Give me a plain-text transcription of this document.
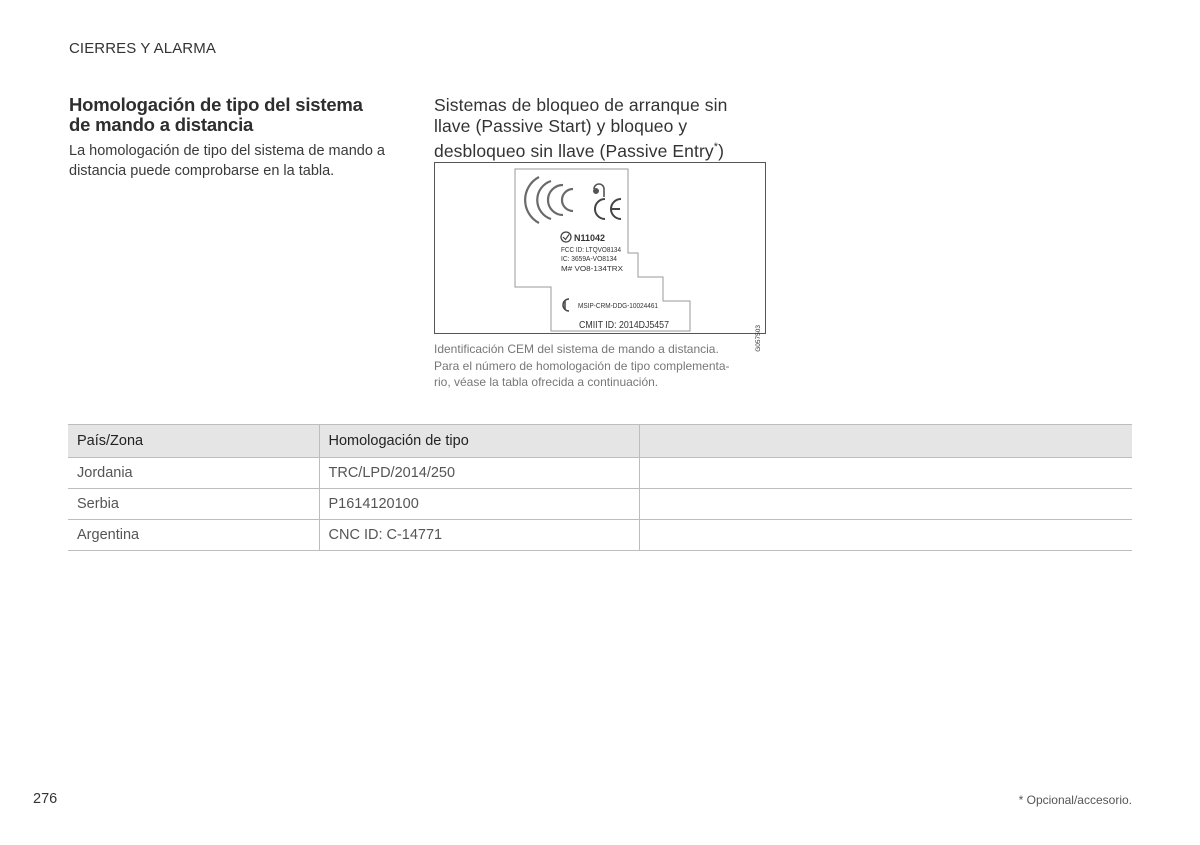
CIERRES Y ALARMA
Homologación de tipo del sistema
de mando a distancia

La homologación de tipo del sistema de mando a distancia puede comprobarse en la tabla.

Sistemas de bloqueo de arranque sin
llave (Passive Start) y bloqueo y
desbloqueo sin llave (Passive Entry*)
N11042
FCC ID: LTQVO8134
IC: 3659A-VO8134
M# VO8-134TRX
MSIP-CRM-DDG-10024461
CMIIT ID: 2014DJ5457	G057503

Identificación CEM del sistema de mando a distancia.

Para el número de homologación de tipo complementa-

rio, véase la tabla ofrecida a continuación.

País/Zona	Homologación de tipo	
Jordania	TRC/LPD/2014/250	
Serbia	P1614120100	
Argentina	CNC ID: C-14771	
276	* Opcional/accesorio.
